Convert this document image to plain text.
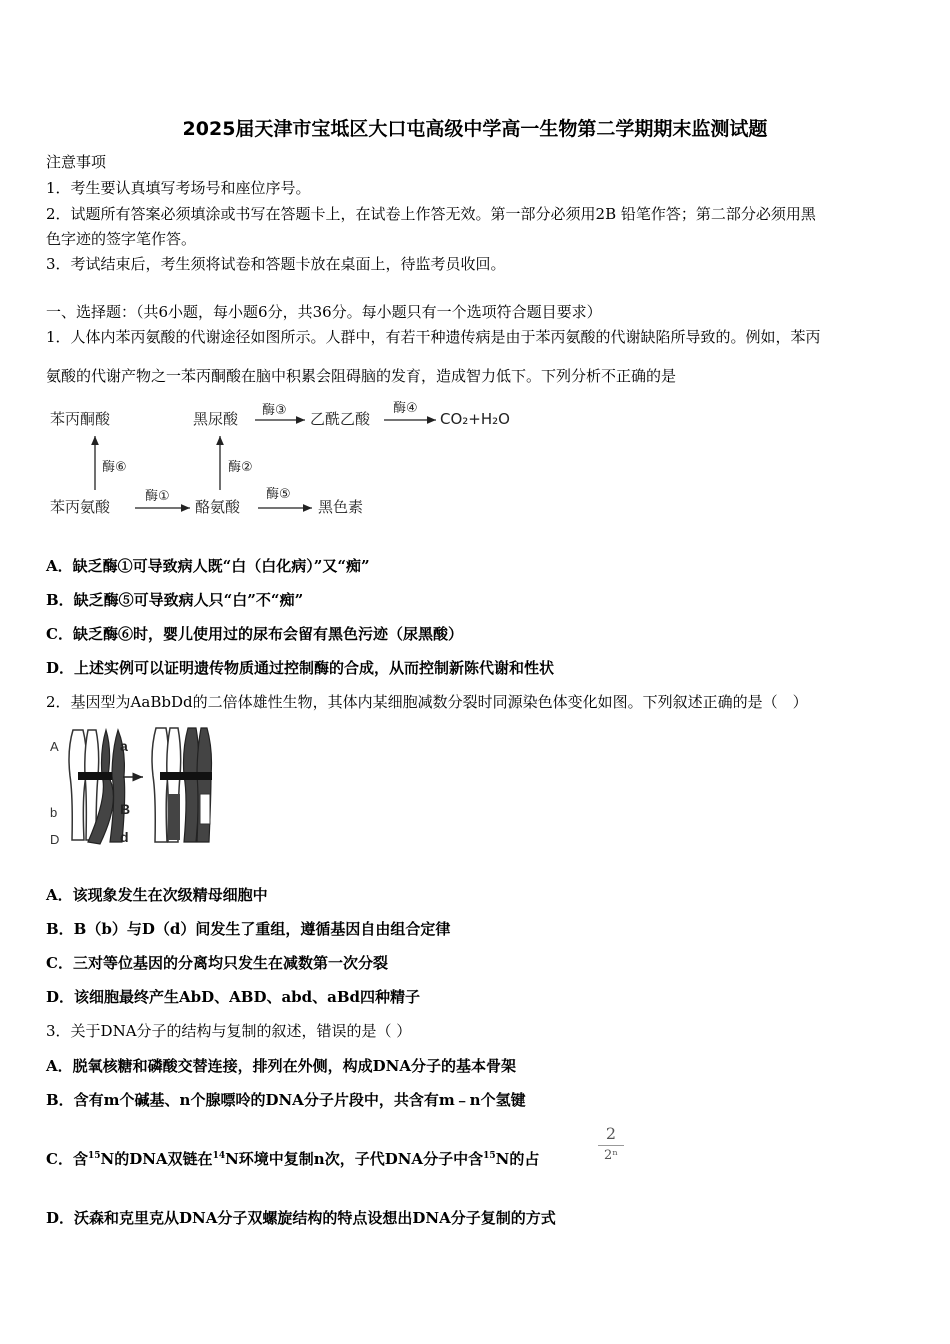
2025届天津市宝坻区大口屯高级中学高一生物第二学期期末监测试题
注意事项
1．考生要认真填写考场号和座位序号。
2．试题所有答案必须填涂或书写在答题卡上，在试卷上作答无效。第一部分必须用2B 铅笔作答；第二部分必须用黑
色字迹的签字笔作答。
3．考试结束后，考生须将试卷和答题卡放在桌面上，待监考员收回。
一、选择题：（共6小题，每小题6分，共36分。每小题只有一个选项符合题目要求）
1．人体内苯丙氨酸的代谢途径如图所示。人群中，有若干种遗传病是由于苯丙氨酸的代谢缺陷所导致的。例如，苯丙
氨酸的代谢产物之一苯丙酮酸在脑中积累会阻碍脑的发育，造成智力低下。下列分析不正确的是
苯丙酮酸	黑尿酸 酶③ 乙酰乙酸
酶④
CO₂+H₂O
酶⑥	酶②
苯丙氨酸
酶①
酪氨酸
酶⑤
黑色素
A．缺乏酶①可导致病人既“白（白化病）”又“痴”
B．缺乏酶⑤可导致病人只“白”不“痴”
C．缺乏酶⑥时，婴儿使用过的尿布会留有黑色污迹（尿黑酸）
D．上述实例可以证明遗传物质通过控制酶的合成，从而控制新陈代谢和性状
2．基因型为AaBbDd的二倍体雄性生物，其体内某细胞减数分裂时同源染色体变化如图。下列叙述正确的是（　）
A
b
D
a
B
d
A．该现象发生在次级精母细胞中
B．B（b）与D（d）间发生了重组，遵循基因自由组合定律
C．三对等位基因的分离均只发生在减数第一次分裂
D．该细胞最终产生AbD、ABD、abd、aBd四种精子
3．关于DNA分子的结构与复制的叙述，错误的是（ ）
A．脱氧核糖和磷酸交替连接，排列在外侧，构成DNA分子的基本骨架
B．含有m个碱基、n个腺嘌呤的DNA分子片段中，共含有m﹣n个氢键
C．含$^{15}$N的DNA双链在$^{14}$N环境中复制n次，子代DNA分子中含$^{15}$N的占
2
2ⁿ
D．沃森和克里克从DNA分子双螺旋结构的特点设想出DNA分子复制的方式
